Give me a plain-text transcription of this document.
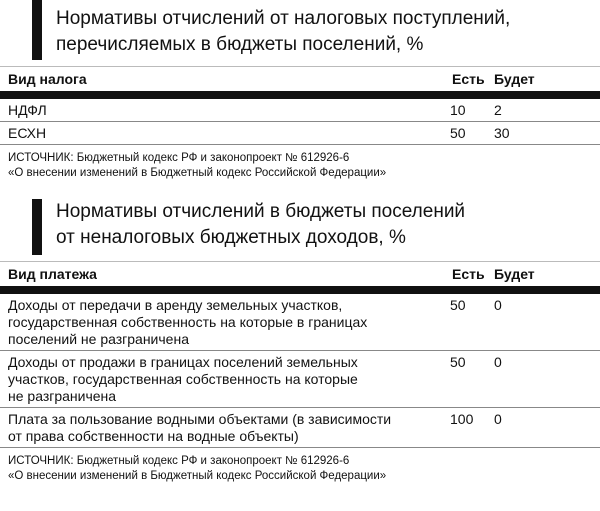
Нормативы отчислений от налоговых поступлений,
перечисляемых в бюджеты поселений, %
Вид налога	Есть Будет
НДФЛ	10 2
ЕСХН	50 30
ИСТОЧНИК: Бюджетный кодекс РФ и законопроект № 612926-6
«О внесении изменений в Бюджетный кодекс Российской Федерации»
Нормативы отчислений в бюджеты поселений
от неналоговых бюджетных доходов, %
Вид платежа	Есть Будет
Доходы от передачи в аренду земельных участков,
государственная собственность на которые в границах
поселений не разграничена
50 0
Доходы от продажи в границах поселений земельных
участков, государственная собственность на которые
не разграничена
50 0
Плата за пользование водными объектами (в зависимости
от права собственности на водные объекты)
100 0
ИСТОЧНИК: Бюджетный кодекс РФ и законопроект № 612926-6
«О внесении изменений в Бюджетный кодекс Российской Федерации»
